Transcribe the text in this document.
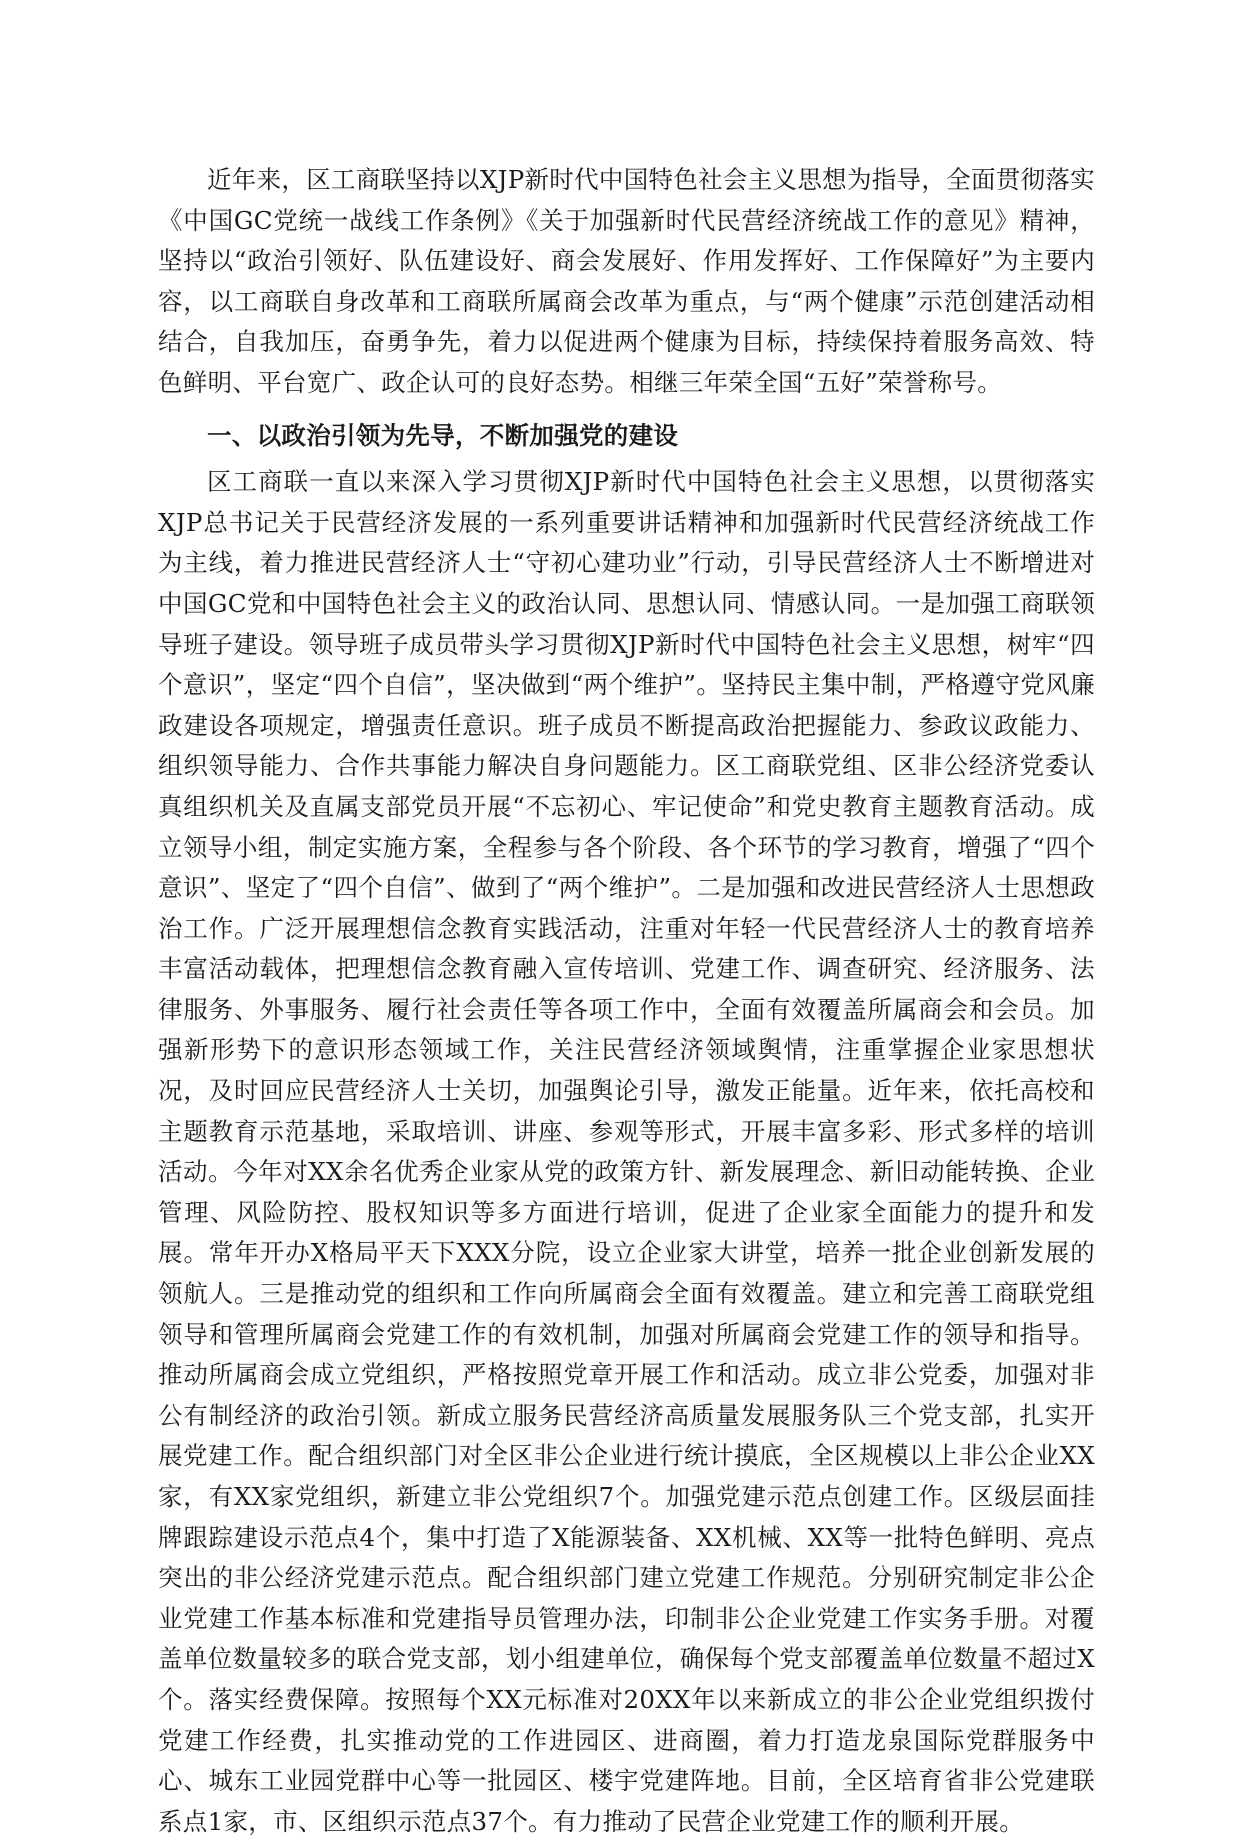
近年来，区工商联坚持以XJP新时代中国特色社会主义思想为指导，全面贯彻落实《中国GC党统一战线工作条例》《关于加强新时代民营经济统战工作的意见》精神，坚持以“政治引领好、队伍建设好、商会发展好、作用发挥好、工作保障好”为主要内容，以工商联自身改革和工商联所属商会改革为重点，与“两个健康”示范创建活动相结合，自我加压，奋勇争先，着力以促进两个健康为目标，持续保持着服务高效、特色鲜明、平台宽广、政企认可的良好态势。相继三年荣全国“五好”荣誉称号。

一、以政治引领为先导，不断加强党的建设

区工商联一直以来深入学习贯彻XJP新时代中国特色社会主义思想，以贯彻落实XJP总书记关于民营经济发展的一系列重要讲话精神和加强新时代民营经济统战工作为主线，着力推进民营经济人士“守初心建功业”行动，引导民营经济人士不断增进对中国GC党和中国特色社会主义的政治认同、思想认同、情感认同。一是加强工商联领导班子建设。领导班子成员带头学习贯彻XJP新时代中国特色社会主义思想，树牢“四个意识”，坚定“四个自信”，坚决做到“两个维护”。坚持民主集中制，严格遵守党风廉政建设各项规定，增强责任意识。班子成员不断提高政治把握能力、参政议政能力、组织领导能力、合作共事能力解决自身问题能力。区工商联党组、区非公经济党委认真组织机关及直属支部党员开展“不忘初心、牢记使命”和党史教育主题教育活动。成立领导小组，制定实施方案，全程参与各个阶段、各个环节的学习教育，增强了“四个意识”、坚定了“四个自信”、做到了“两个维护”。二是加强和改进民营经济人士思想政治工作。广泛开展理想信念教育实践活动，注重对年轻一代民营经济人士的教育培养丰富活动载体，把理想信念教育融入宣传培训、党建工作、调查研究、经济服务、法律服务、外事服务、履行社会责任等各项工作中，全面有效覆盖所属商会和会员。加强新形势下的意识形态领域工作，关注民营经济领域舆情，注重掌握企业家思想状况，及时回应民营经济人士关切，加强舆论引导，激发正能量。近年来，依托高校和主题教育示范基地，采取培训、讲座、参观等形式，开展丰富多彩、形式多样的培训活动。今年对XX余名优秀企业家从党的政策方针、新发展理念、新旧动能转换、企业管理、风险防控、股权知识等多方面进行培训，促进了企业家全面能力的提升和发展。常年开办X格局平天下XXX分院，设立企业家大讲堂，培养一批企业创新发展的领航人。三是推动党的组织和工作向所属商会全面有效覆盖。建立和完善工商联党组领导和管理所属商会党建工作的有效机制，加强对所属商会党建工作的领导和指导。推动所属商会成立党组织，严格按照党章开展工作和活动。成立非公党委，加强对非公有制经济的政治引领。新成立服务民营经济高质量发展服务队三个党支部，扎实开展党建工作。配合组织部门对全区非公企业进行统计摸底，全区规模以上非公企业XX家，有XX家党组织，新建立非公党组织7个。加强党建示范点创建工作。区级层面挂牌跟踪建设示范点4个，集中打造了X能源装备、XX机械、XX等一批特色鲜明、亮点突出的非公经济党建示范点。配合组织部门建立党建工作规范。分别研究制定非公企业党建工作基本标准和党建指导员管理办法，印制非公企业党建工作实务手册。对覆盖单位数量较多的联合党支部，划小组建单位，确保每个党支部覆盖单位数量不超过X个。落实经费保障。按照每个XX元标准对20XX年以来新成立的非公企业党组织拨付党建工作经费，扎实推动党的工作进园区、进商圈，着力打造龙泉国际党群服务中心、城东工业园党群中心等一批园区、楼宇党建阵地。目前，全区培育省非公党建联系点1家，市、区组织示范点37个。有力推动了民营企业党建工作的顺利开展。
